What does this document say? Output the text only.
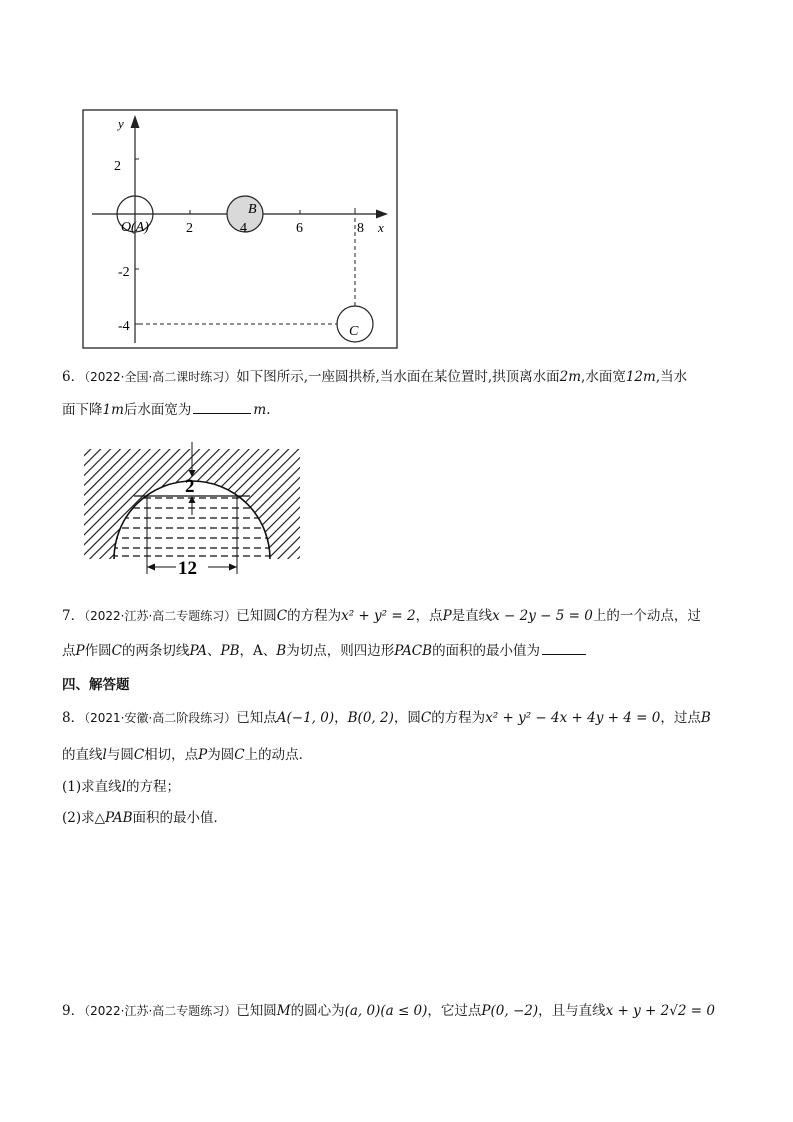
y
x
2	4	6	8
2
-2
-4
O (A)
B
C
6．（2022·全国·高二课时练习）如下图所示,一座圆拱桥,当水面在某位置时,拱顶离水面2m,水面宽12m,当水
面下降1m后水面宽为	m.
2
12
7．（2022·江苏·高二专题练习）已知圆C的方程为x² + y² = 2，点P是直线x − 2y − 5 = 0上的一个动点，过
点P作圆C的两条切线PA、PB，A、B为切点，则四边形PACB的面积的最小值为
四、解答题
8．（2021·安徽·高二阶段练习）已知点A(−1, 0)，B(0, 2)，圆C的方程为x² + y² − 4x + 4y + 4 = 0，过点B
的直线l与圆C相切，点P为圆C上的动点．
(1)求直线l的方程；
(2)求△PAB面积的最小值．
9．（2022·江苏·高二专题练习）已知圆M的圆心为(a, 0)(a ≤ 0)，它过点P(0, −2)，且与直线x + y + 2√2 = 0
